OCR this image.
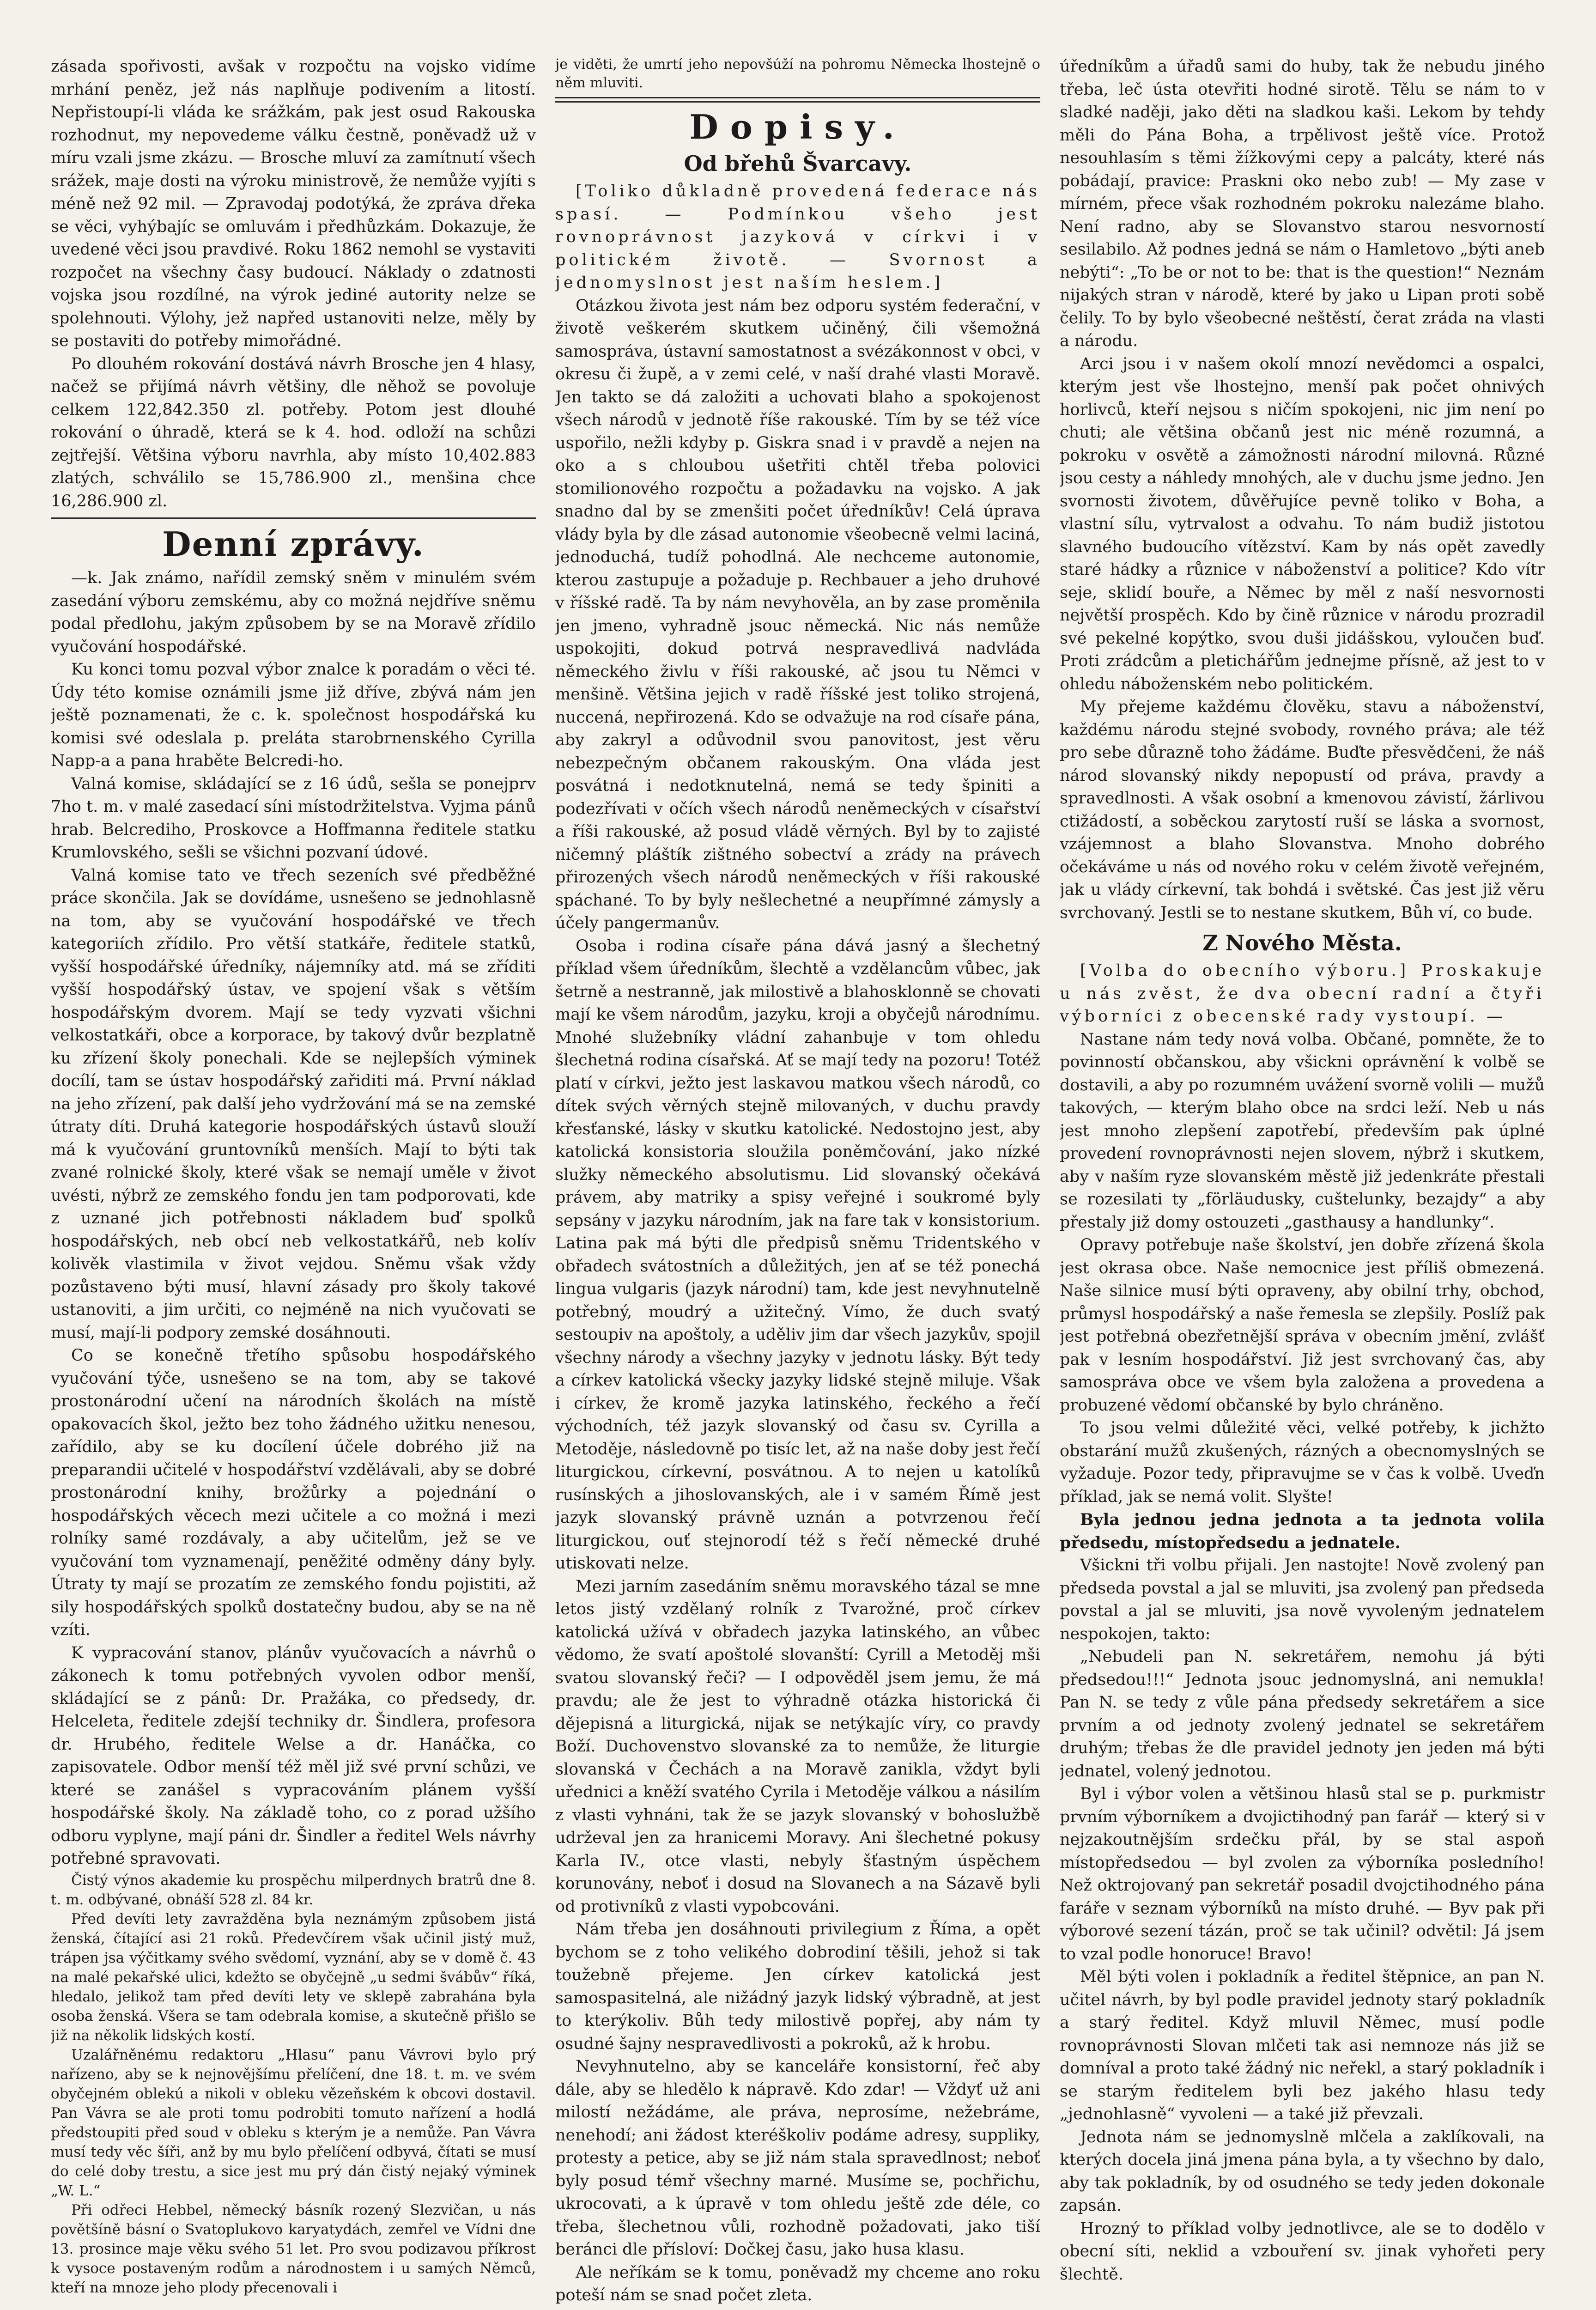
zásada spořivosti, avšak v rozpočtu na vojsko vidíme mrhání peněz, jež nás naplňuje podivením a litostí. Nepřistoupí-li vláda ke srážkám, pak jest osud Rakouska rozhodnut, my nepovedeme válku čestně, poněvadž už v míru vzali jsme zkázu. — Brosche mluví za zamítnutí všech srážek, maje dosti na výroku ministrově, že nemůže vyjíti s méně než 92 mil. — Zpravodaj podotýká, že zpráva dřeka se věci, vyhýbajíc se omluvám i předhůzkám. Dokazuje, že uvedené věci jsou pravdivé. Roku 1862 nemohl se vystaviti rozpočet na všechny časy budoucí. Náklady o zdatnosti vojska jsou rozdílné, na výrok jediné autority nelze se spolehnouti. Výlohy, jež napřed ustanoviti nelze, měly by se postaviti do potřeby mimořádné.

Po dlouhém rokování dostává návrh Brosche jen 4 hlasy, načež se přijímá návrh většiny, dle něhož se povoluje celkem 122,842.350 zl. potřeby. Potom jest dlouhé rokování o úhradě, která se k 4. hod. odloží na schůzi zejtřejší. Většina výboru navrhla, aby místo 10,402.883 zlatých, schválilo se 15,786.900 zl., menšina chce 16,286.900 zl.

Denní zprávy.

—k. Jak známo, nařídil zemský sněm v minulém svém zasedání výboru zemskému, aby co možná nejdříve sněmu podal předlohu, jakým způsobem by se na Moravě zřídilo vyučování hospodářské.

Ku konci tomu pozval výbor znalce k poradám o věci té. Údy této komise oznámili jsme již dříve, zbývá nám jen ještě poznamenati, že c. k. společnost hospodářská ku komisi své odeslala p. preláta starobrnenského Cyrilla Napp-a a pana hraběte Belcredi-ho.

Valná komise, skládající se z 16 údů, sešla se ponejprv 7ho t. m. v malé zasedací síni místodržitelstva. Vyjma pánů hrab. Belcrediho, Proskovce a Hoffmanna ředitele statku Krumlovského, sešli se všichni pozvaní údové.

Valná komise tato ve třech sezeních své předběžné práce skončila. Jak se dovídáme, usnešeno se jednohlasně na tom, aby se vyučování hospodářské ve třech kategoriích zřídilo. Pro větší statkáře, ředitele statků, vyšší hospodářské úředníky, nájemníky atd. má se zříditi vyšší hospodářský ústav, ve spojení však s větším hospodářským dvorem. Mají se tedy vyzvati všichni velkostatkáři, obce a korporace, by takový dvůr bezplatně ku zřízení školy ponechali. Kde se nejlepších výminek docílí, tam se ústav hospodářský zařiditi má. První náklad na jeho zřízení, pak další jeho vydržování má se na zemské útraty díti. Druhá kategorie hospodářských ústavů slouží má k vyučování gruntovníků menších. Mají to býti tak zvané rolnické školy, které však se nemají uměle v život uvésti, nýbrž ze zemského fondu jen tam podporovati, kde z uznané jich potřebnosti nákladem buď spolků hospodářských, neb obcí neb velkostatkářů, neb kolív kolivěk vlastimila v život vejdou. Sněmu však vždy pozůstaveno býti musí, hlavní zásady pro školy takové ustanoviti, a jim určiti, co nejméně na nich vyučovati se musí, mají-li podpory zemské dosáhnouti.

Co se konečně třetího spůsobu hospodářského vyučování týče, usnešeno se na tom, aby se takové prostonárodní učení na národních školách na místě opakovacích škol, ježto bez toho žádného užitku nenesou, zařídilo, aby se ku docílení účele dobrého již na preparandii učitelé v hospodářství vzdělávali, aby se dobré prostonárodní knihy, brožůrky a pojednání o hospodářských věcech mezi učitele a co možná i mezi rolníky samé rozdávaly, a aby učitelům, jež se ve vyučování tom vyznamenají, peněžité odměny dány byly. Útraty ty mají se prozatím ze zemského fondu pojistiti, až sily hospodářských spolků dostatečny budou, aby se na ně vzíti.

K vypracování stanov, plánův vyučovacích a návrhů o zákonech k tomu potřebných vyvolen odbor menší, skládající se z pánů: Dr. Pražáka, co předsedy, dr. Helceleta, ředitele zdejší techniky dr. Šindlera, profesora dr. Hrubého, ředitele Welse a dr. Hanáčka, co zapisovatele. Odbor menší též měl již své první schůzi, ve které se zanášel s vypracováním plánem vyšší hospodářské školy. Na základě toho, co z porad užšího odboru vyplyne, mají páni dr. Šindler a ředitel Wels návrhy potřebné spravovati.

Čistý výnos akademie ku prospěchu milperdnych bratrů dne 8. t. m. odbývané, obnáší 528 zl. 84 kr.

Před devíti lety zavražděna byla neznámým způsobem jistá ženská, čítající asi 21 roků. Předevčírem však učinil jistý muž, trápen jsa výčitkamy svého svědomí, vyznání, aby se v domě č. 43 na malé pekařské ulici, kdežto se obyčejně „u sedmi švábův“ říká, hledalo, jelikož tam před devíti lety ve sklepě zabrahána byla osoba ženská. Všera se tam odebrala komise, a skutečně přišlo se již na několik lidských kostí.

Uzalářněnému redaktoru „Hlasu“ panu Vávrovi bylo prý nařízeno, aby se k nejnovějšímu přelíčení, dne 18. t. m. ve svém obyčejném oblekú a nikoli v obleku vězeňském k obcovi dostavil. Pan Vávra se ale proti tomu podrobiti tomuto nařízení a hodlá předstoupiti před soud v obleku s kterým je a nemůže. Pan Vávra musí tedy věc šíři, anž by mu bylo přelíčení odbyvá, čítati se musí do celé doby trestu, a sice jest mu prý dán čistý nejaký výminek „W. L.“

Při odřeci Hebbel, německý básník rozený Slezvičan, u nás povětšíně básní o Svatoplukovo karyatydách, zemřel ve Vídni dne 13. prosince maje věku svého 51 let. Pro svou podizavou příkrost k vysoce postaveným rodům a národnostem i u samých Němců, kteří na mnoze jeho plody přecenovali i

je viděti, že umrtí jeho nepovšúží na pohromu Německa lhostejně o něm mluviti.

Dopisy.
Od břehů Švarcavy.

[Toliko důkladně provedená federace nás spasí. — Podmínkou všeho jest rovnoprávnost jazyková v církvi i v politickém životě. — Svornost a jednomyslnost jest naším heslem.]

Otázkou života jest nám bez odporu systém federační, v životě veškerém skutkem učiněný, čili všemožná samospráva, ústavní samostatnost a svézákonnost v obci, v okresu či župě, a v zemi celé, v naší drahé vlasti Moravě. Jen takto se dá založiti a uchovati blaho a spokojenost všech národů v jednotě říše rakouské. Tím by se též více uspořilo, nežli kdyby p. Giskra snad i v pravdě a nejen na oko a s chloubou ušetřiti chtěl třeba polovici stomilionového rozpočtu a požadavku na vojsko. A jak snadno dal by se zmenšiti počet úředníkův! Celá úprava vlády byla by dle zásad autonomie všeobecně velmi laciná, jednoduchá, tudíž pohodlná. Ale nechceme autonomie, kterou zastupuje a požaduje p. Rechbauer a jeho druhové v říšské radě. Ta by nám nevyhověla, an by zase proměnila jen jmeno, vyhradně jsouc německá. Nic nás nemůže uspokojiti, dokud potrvá nespravedlivá nadvláda německého živlu v říši rakouské, ač jsou tu Němci v menšině. Většina jejich v radě říšské jest toliko strojená, nuccená, nepřirozená. Kdo se odvažuje na rod císaře pána, aby zakryl a odůvodnil svou panovitost, jest věru nebezpečným občanem rakouským. Ona vláda jest posvátná i nedotknutelná, nemá se tedy špiniti a podezřívati v očích všech národů neněmeckých v císařství a říši rakouské, až posud vládě věrných. Byl by to zajisté ničemný pláštík zištného sobectví a zrády na právech přirozených všech národů neněmeckých v říši rakouské spáchané. To by byly nešlechetné a neupřímné zámysly a účely pangermanův.

Osoba i rodina císaře pána dává jasný a šlechetný příklad všem úředníkům, šlechtě a vzdělancům vůbec, jak šetrně a nestranně, jak milostivě a blahosklonně se chovati mají ke všem národům, jazyku, kroji a obyčejů národnímu. Mnohé služebníky vládní zahanbuje v tom ohledu šlechetná rodina císařská. Ať se mají tedy na pozoru! Totéž platí v církvi, ježto jest laskavou matkou všech národů, co dítek svých věrných stejně milovaných, v duchu pravdy křesťanské, lásky v skutku katolické. Nedostojno jest, aby katolická konsistoria sloužila poněmčování, jako nízké služky německého absolutismu. Lid slovanský očekává právem, aby matriky a spisy veřejné i soukromé byly sepsány v jazyku národním, jak na fare tak v konsistorium. Latina pak má býti dle předpisů sněmu Tridentského v obřadech svátostních a důležitých, jen ať se též ponechá lingua vulgaris (jazyk národní) tam, kde jest nevyhnutelně potřebný, moudrý a užitečný. Vímo, že duch svatý sestoupiv na apoštoly, a uděliv jim dar všech jazykův, spojil všechny národy a všechny jazyky v jednotu lásky. Být tedy a církev katolická všecky jazyky lidské stejně miluje. Však i církev, že kromě jazyka latinského, řeckého a řečí východních, též jazyk slovanský od času sv. Cyrilla a Metoděje, následovně po tisíc let, až na naše doby jest řečí liturgickou, církevní, posvátnou. A to nejen u katolíků rusínských a jihoslovanských, ale i v samém Římě jest jazyk slovanský právně uznán a potvrzenou řečí liturgickou, ouť stejnorodí též s řečí německé druhé utiskovati nelze.

Mezi jarním zasedáním sněmu moravského tázal se mne letos jistý vzdělaný rolník z Tvarožné, proč církev katolická užívá v obřadech jazyka latinského, an vůbec vědomo, že svatí apoštolé slovanští: Cyrill a Metoděj mši svatou slovanský řeči? — I odpověděl jsem jemu, že má pravdu; ale že jest to výhradně otázka historická či dějepisná a liturgická, nijak se netýkajíc víry, co pravdy Boží. Duchovenstvo slovanské za to nemůže, že liturgie slovanská v Čechách a na Moravě zanikla, vždyt byli uřednici a kněží svatého Cyrila i Metoděje válkou a násilím z vlasti vyhnáni, tak že se jazyk slovanský v bohoslužbě udrževal jen za hranicemi Moravy. Ani šlechetné pokusy Karla IV., otce vlasti, nebyly šťastným úspěchem korunovány, neboť i dosud na Slovanech a na Sázavě byli od protivníků z vlasti vypobcováni.

Nám třeba jen dosáhnouti privilegium z Říma, a opět bychom se z toho velikého dobrodiní těšili, jehož si tak toužebně přejeme. Jen církev katolická jest samospasitelná, ale nižádný jazyk lidský výbradně, at jest to kterýkoliv. Bůh tedy milostivě popřej, aby nám ty osudné šajny nespravedlivosti a pokroků, až k hrobu.

Nevyhnutelno, aby se kanceláře konsistorní, řeč aby dále, aby se hledělo k nápravě. Kdo zdar! — Vždyť už ani milostí nežádáme, ale práva, neprosíme, nežebráme, nenehodí; ani žádost kteréškoliv podáme adresy, suppliky, protesty a petice, aby se již nám stala spravedlnost; neboť byly posud témř všechny marné. Musíme se, pochřichu, ukrocovati, a k úpravě v tom ohledu ještě zde déle, co třeba, šlechetnou vůli, rozhodně požadovati, jako tiší beránci dle přísloví: Dočkej času, jako husa klasu.

Ale neříkám se k tomu, poněvadž my chceme ano roku poteší nám se snad počet zleta.

úředníkům a úřadů sami do huby, tak že nebudu jiného třeba, leč ústa otevřiti hodné sirotě. Tělu se nám to v sladké naději, jako děti na sladkou kaši. Lekom by tehdy měli do Pána Boha, a trpělivost ještě více. Protož nesouhlasím s těmi žížkovými cepy a palcáty, které nás pobádají, pravice: Praskni oko nebo zub! — My zase v mírném, přece však rozhodném pokroku nalezáme blaho. Není radno, aby se Slovanstvo starou nesvorností sesilabilo. Až podnes jedná se nám o Hamletovo „býti aneb nebýti“: „To be or not to be: that is the question!“ Neznám nijakých stran v národě, které by jako u Lipan proti sobě čelily. To by bylo všeobecné neštěstí, čerat zráda na vlasti a národu.

Arci jsou i v našem okolí mnozí nevědomci a ospalci, kterým jest vše lhostejno, menší pak počet ohnivých horlivců, kteří nejsou s ničím spokojeni, nic jim není po chuti; ale většina občanů jest nic méně rozumná, a pokroku v osvětě a zámožnosti národní milovná. Různé jsou cesty a náhledy mnohých, ale v duchu jsme jedno. Jen svornosti životem, důvěřujíce pevně toliko v Boha, a vlastní sílu, vytrvalost a odvahu. To nám budiž jistotou slavného budoucího vítězství. Kam by nás opět zavedly staré hádky a různice v náboženství a politice? Kdo vítr seje, sklidí bouře, a Němec by měl z naší nesvornosti největší prospěch. Kdo by čině různice v národu prozradil své pekelné kopýtko, svou duši jidášskou, vyloučen buď. Proti zrádcům a pletichářům jednejme přísně, až jest to v ohledu náboženském nebo politickém.

My přejeme každému člověku, stavu a náboženství, každému národu stejné svobody, rovného práva; ale též pro sebe důrazně toho žádáme. Buďte přesvědčeni, že náš národ slovanský nikdy nepopustí od práva, pravdy a spravedlnosti. A však osobní a kmenovou závistí, žárlivou ctižádostí, a soběckou zarytostí ruší se láska a svornost, vzájemnost a blaho Slovanstva. Mnoho dobrého očekáváme u nás od nového roku v celém životě veřejném, jak u vlády církevní, tak bohdá i světské. Čas jest již věru svrchovaný. Jestli se to nestane skutkem, Bůh ví, co bude.

Z Nového Města.

[Volba do obecního výboru.] Proskakuje u nás zvěst, že dva obecní radní a čtyři výborníci z obecenské rady vystoupí. —

Nastane nám tedy nová volba. Občané, pomněte, že to povinností občanskou, aby všickni oprávnění k volbě se dostavili, a aby po rozumném uvážení svorně volili — mužů takových, — kterým blaho obce na srdci leží. Neb u nás jest mnoho zlepšení zapotřebí, především pak úplné provedení rovnoprávnosti nejen slovem, nýbrž i skutkem, aby v naším ryze slovanském městě již jedenkráte přestali se rozesilati ty „förläudusky, cuštelunky, bezajdy“ a aby přestaly již domy ostouzeti „gasthausy a handlunky“.

Opravy potřebuje naše školství, jen dobře zřízená škola jest okrasa obce. Naše nemocnice jest příliš obmezená. Naše silnice musí býti opraveny, aby obilní trhy, obchod, průmysl hospodářský a naše řemesla se zlepšily. Poslíž pak jest potřebná obezřetnější správa v obecním jmění, zvlášť pak v lesním hospodářství. Již jest svrchovaný čas, aby samospráva obce ve všem byla založena a provedena a probuzené vědomí občanské by bylo chráněno.

To jsou velmi důležité věci, velké potřeby, k jichžto obstarání mužů zkušených, rázných a obecnomyslných se vyžaduje. Pozor tedy, připravujme se v čas k volbě. Uveďn příklad, jak se nemá volit. Slyšte!

Byla jednou jedna jednota a ta jednota volila předsedu, místopředsedu a jednatele.

Všickni tři volbu přijali. Jen nastojte! Nově zvolený pan předseda povstal a jal se mluviti, jsa zvolený pan předseda povstal a jal se mluviti, jsa nově vyvoleným jednatelem nespokojen, takto:

„Nebudeli pan N. sekretářem, nemohu já býti předsedou!!!“ Jednota jsouc jednomyslná, ani nemukla! Pan N. se tedy z vůle pána předsedy sekretářem a sice prvním a od jednoty zvolený jednatel se sekretářem druhým; třebas že dle pravidel jednoty jen jeden má býti jednatel, volený jednotou.

Byl i výbor volen a většinou hlasů stal se p. purkmistr prvním výborníkem a dvojictihodný pan farář — který si v nejzakoutnějším srdečku přál, by se stal aspoň místopředsedou — byl zvolen za výborníka posledního! Než oktrojovaný pan sekretář posadil dvojctihodného pána faráře v seznam výborníků na místo druhé. — Byv pak při výborové sezení tázán, proč se tak učinil? odvětil: Já jsem to vzal podle honoruce! Bravo!

Měl býti volen i pokladník a ředitel štěpnice, an pan N. učitel návrh, by byl podle pravidel jednoty starý pokladník a starý ředitel. Když mluvil Němec, musí podle rovnoprávnosti Slovan mlčeti tak asi nemnoze nás již se domníval a proto také žádný nic neřekl, a starý pokladník i se starým ředitelem byli bez jakého hlasu tedy „jednohlasně“ vyvoleni — a také již převzali.

Jednota nám se jednomyslně mlčela a zaklíkovali, na kterých docela jiná jmena pána byla, a ty všechno by dalo, aby tak pokladník, by od osudného se tedy jeden dokonale zapsán.

Hrozný to příklad volby jednotlivce, ale se to dodělo v obecní síti, neklid a vzbouření sv. jinak vyhořeti pery šlechtě.
